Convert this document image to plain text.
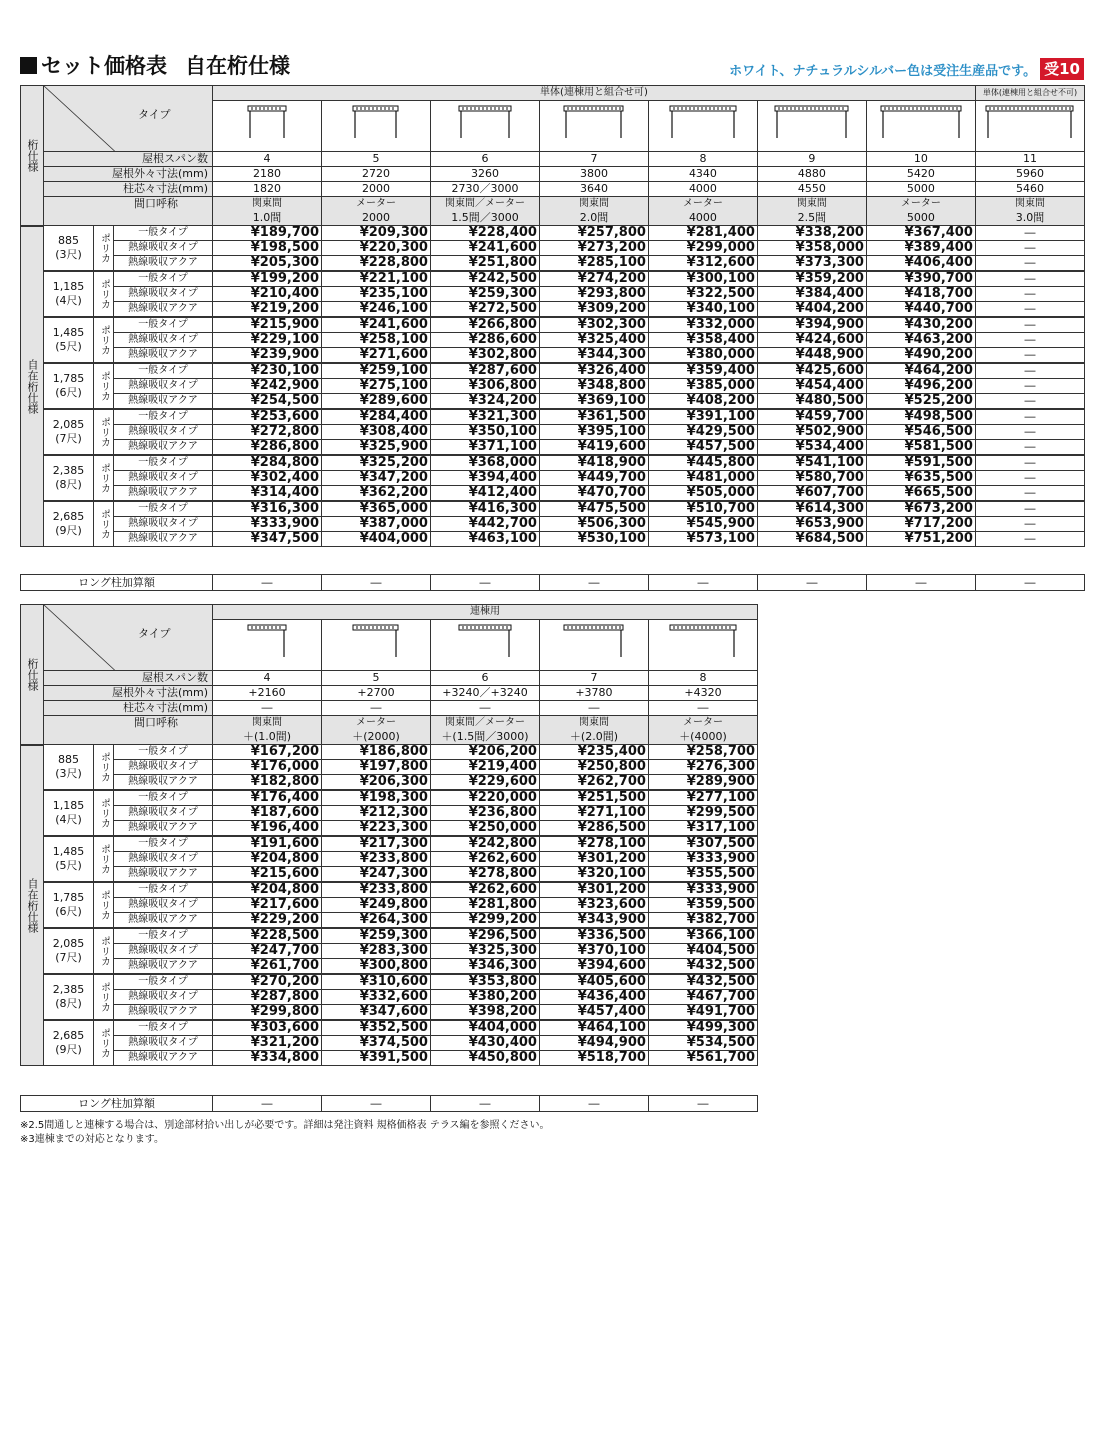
セット価格表 自在桁仕様	ホワイト、ナチュラルシルバー色は受注生産品です。 受10
桁仕様	タイプ			単体(連棟用と組合せ可)							単体(連棟用と組合せ不可)

	屋根スパン数			4	5	6	7	8	9	10	11
	屋根外々寸法(mm)			2180	2720	3260	3800	4340	4880	5420	5960
	柱芯々寸法(mm)			1820	2000	2730／3000	3640	4000	4550	5000	5460
	間口呼称			関東間	メーター	関東間／メーター	関東間	メーター	関東間	メーター	関東間
				1.0間	2000	1.5間／3000	2.0間	4000	2.5間	5000	3.0間

自在桁仕様	885
(3尺)	ポリカ	一般タイプ	¥189,700	¥209,300	¥228,400	¥257,800	¥281,400	¥338,200	¥367,400	―
			熱線吸収タイプ	¥198,500	¥220,300	¥241,600	¥273,200	¥299,000	¥358,000	¥389,400	―
			熱線吸収アクア	¥205,300	¥228,800	¥251,800	¥285,100	¥312,600	¥373,300	¥406,400	―

	1,185
(4尺)	ポリカ	一般タイプ	¥199,200	¥221,100	¥242,500	¥274,200	¥300,100	¥359,200	¥390,700	―
			熱線吸収タイプ	¥210,400	¥235,100	¥259,300	¥293,800	¥322,500	¥384,400	¥418,700	―
			熱線吸収アクア	¥219,200	¥246,100	¥272,500	¥309,200	¥340,100	¥404,200	¥440,700	―

	1,485
(5尺)	ポリカ	一般タイプ	¥215,900	¥241,600	¥266,800	¥302,300	¥332,000	¥394,900	¥430,200	―
			熱線吸収タイプ	¥229,100	¥258,100	¥286,600	¥325,400	¥358,400	¥424,600	¥463,200	―
			熱線吸収アクア	¥239,900	¥271,600	¥302,800	¥344,300	¥380,000	¥448,900	¥490,200	―

	1,785
(6尺)	ポリカ	一般タイプ	¥230,100	¥259,100	¥287,600	¥326,400	¥359,400	¥425,600	¥464,200	―
			熱線吸収タイプ	¥242,900	¥275,100	¥306,800	¥348,800	¥385,000	¥454,400	¥496,200	―
			熱線吸収アクア	¥254,500	¥289,600	¥324,200	¥369,100	¥408,200	¥480,500	¥525,200	―

	2,085
(7尺)	ポリカ	一般タイプ	¥253,600	¥284,400	¥321,300	¥361,500	¥391,100	¥459,700	¥498,500	―
			熱線吸収タイプ	¥272,800	¥308,400	¥350,100	¥395,100	¥429,500	¥502,900	¥546,500	―
			熱線吸収アクア	¥286,800	¥325,900	¥371,100	¥419,600	¥457,500	¥534,400	¥581,500	―

	2,385
(8尺)	ポリカ	一般タイプ	¥284,800	¥325,200	¥368,000	¥418,900	¥445,800	¥541,100	¥591,500	―
			熱線吸収タイプ	¥302,400	¥347,200	¥394,400	¥449,700	¥481,000	¥580,700	¥635,500	―
			熱線吸収アクア	¥314,400	¥362,200	¥412,400	¥470,700	¥505,000	¥607,700	¥665,500	―

	2,685
(9尺)	ポリカ	一般タイプ	¥316,300	¥365,000	¥416,300	¥475,500	¥510,700	¥614,300	¥673,200	―
			熱線吸収タイプ	¥333,900	¥387,000	¥442,700	¥506,300	¥545,900	¥653,900	¥717,200	―
			熱線吸収アクア	¥347,500	¥404,000	¥463,100	¥530,100	¥573,100	¥684,500	¥751,200	―
ロング柱加算額	―	―	―	―	―	―	―	―
桁仕様	タイプ			連棟用				

	屋根スパン数			4	5	6	7	8
	屋根外々寸法(mm)			+2160	+2700	+3240／+3240	+3780	+4320
	柱芯々寸法(mm)			―	―	―	―	―
	間口呼称			関東間	メーター	関東間／メーター	関東間	メーター
				＋(1.0間)	＋(2000)	＋(1.5間／3000)	＋(2.0間)	＋(4000)

自在桁仕様	885
(3尺)	ポリカ	一般タイプ	¥167,200	¥186,800	¥206,200	¥235,400	¥258,700
			熱線吸収タイプ	¥176,000	¥197,800	¥219,400	¥250,800	¥276,300
			熱線吸収アクア	¥182,800	¥206,300	¥229,600	¥262,700	¥289,900

	1,185
(4尺)	ポリカ	一般タイプ	¥176,400	¥198,300	¥220,000	¥251,500	¥277,100
			熱線吸収タイプ	¥187,600	¥212,300	¥236,800	¥271,100	¥299,500
			熱線吸収アクア	¥196,400	¥223,300	¥250,000	¥286,500	¥317,100

	1,485
(5尺)	ポリカ	一般タイプ	¥191,600	¥217,300	¥242,800	¥278,100	¥307,500
			熱線吸収タイプ	¥204,800	¥233,800	¥262,600	¥301,200	¥333,900
			熱線吸収アクア	¥215,600	¥247,300	¥278,800	¥320,100	¥355,500

	1,785
(6尺)	ポリカ	一般タイプ	¥204,800	¥233,800	¥262,600	¥301,200	¥333,900
			熱線吸収タイプ	¥217,600	¥249,800	¥281,800	¥323,600	¥359,500
			熱線吸収アクア	¥229,200	¥264,300	¥299,200	¥343,900	¥382,700

	2,085
(7尺)	ポリカ	一般タイプ	¥228,500	¥259,300	¥296,500	¥336,500	¥366,100
			熱線吸収タイプ	¥247,700	¥283,300	¥325,300	¥370,100	¥404,500
			熱線吸収アクア	¥261,700	¥300,800	¥346,300	¥394,600	¥432,500

	2,385
(8尺)	ポリカ	一般タイプ	¥270,200	¥310,600	¥353,800	¥405,600	¥432,500
			熱線吸収タイプ	¥287,800	¥332,600	¥380,200	¥436,400	¥467,700
			熱線吸収アクア	¥299,800	¥347,600	¥398,200	¥457,400	¥491,700

	2,685
(9尺)	ポリカ	一般タイプ	¥303,600	¥352,500	¥404,000	¥464,100	¥499,300
			熱線吸収タイプ	¥321,200	¥374,500	¥430,400	¥494,900	¥534,500
			熱線吸収アクア	¥334,800	¥391,500	¥450,800	¥518,700	¥561,700
ロング柱加算額	―	―	―	―	―
※2.5間通しと連棟する場合は、別途部材拾い出しが必要です。詳細は発注資料 規格価格表 テラス編を参照ください。
※3連棟までの対応となります。
